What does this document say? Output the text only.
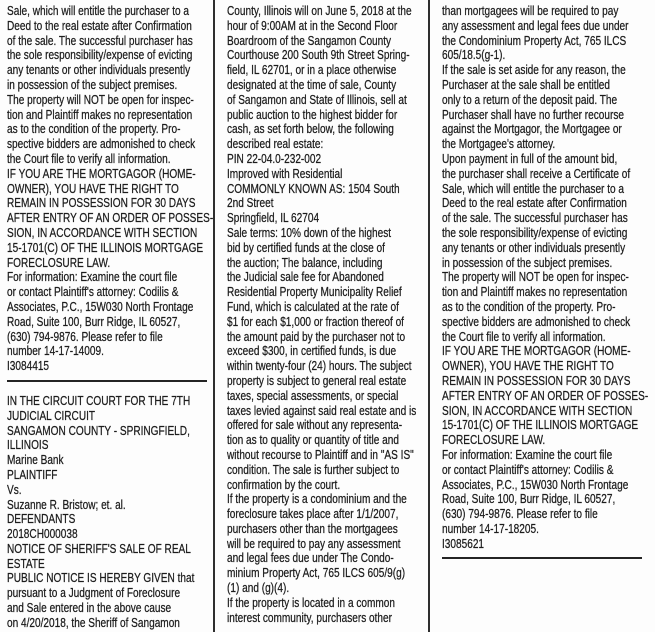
Sale, which will entitle the purchaser to a
Deed to the real estate after Confirmation
of the sale. The successful purchaser has
the sole responsibility/expense of evicting
any tenants or other individuals presently
in possession of the subject premises.
The property will NOT be open for inspec-
tion and Plaintiff makes no representation
as to the condition of the property. Pro-
spective bidders are admonished to check
the Court file to verify all information.
IF YOU ARE THE MORTGAGOR (HOME-
OWNER), YOU HAVE THE RIGHT TO
REMAIN IN POSSESSION FOR 30 DAYS
AFTER ENTRY OF AN ORDER OF POSSES-
SION, IN ACCORDANCE WITH SECTION
15-1701(C) OF THE ILLINOIS MORTGAGE
FORECLOSURE LAW.
For information: Examine the court file
or contact Plaintiff's attorney: Codilis &
Associates, P.C., 15W030 North Frontage
Road, Suite 100, Burr Ridge, IL 60527,
(630) 794-9876. Please refer to file
number 14-17-14009.
I3084415
IN THE CIRCUIT COURT FOR THE 7TH
JUDICIAL CIRCUIT
SANGAMON COUNTY - SPRINGFIELD,
ILLINOIS
Marine Bank
PLAINTIFF
Vs.
Suzanne R. Bristow; et. al.
DEFENDANTS
2018CH000038
NOTICE OF SHERIFF'S SALE OF REAL
ESTATE
PUBLIC NOTICE IS HEREBY GIVEN that
pursuant to a Judgment of Foreclosure
and Sale entered in the above cause
on 4/20/2018, the Sheriff of Sangamon
County, Illinois will on June 5, 2018 at the
hour of 9:00AM at in the Second Floor
Boardroom of the Sangamon County
Courthouse 200 South 9th Street Spring-
field, IL 62701, or in a place otherwise
designated at the time of sale, County
of Sangamon and State of Illinois, sell at
public auction to the highest bidder for
cash, as set forth below, the following
described real estate:
PIN 22-04.0-232-002
Improved with Residential
COMMONLY KNOWN AS: 1504 South
2nd Street
Springfield, IL 62704
Sale terms: 10% down of the highest
bid by certified funds at the close of
the auction; The balance, including
the Judicial sale fee for Abandoned
Residential Property Municipality Relief
Fund, which is calculated at the rate of
$1 for each $1,000 or fraction thereof of
the amount paid by the purchaser not to
exceed $300, in certified funds, is due
within twenty-four (24) hours. The subject
property is subject to general real estate
taxes, special assessments, or special
taxes levied against said real estate and is
offered for sale without any representa-
tion as to quality or quantity of title and
without recourse to Plaintiff and in "AS IS"
condition. The sale is further subject to
confirmation by the court.
If the property is a condominium and the
foreclosure takes place after 1/1/2007,
purchasers other than the mortgagees
will be required to pay any assessment
and legal fees due under The Condo-
minium Property Act, 765 ILCS 605/9(g)
(1) and (g)(4).
If the property is located in a common
interest community, purchasers other
than mortgagees will be required to pay
any assessment and legal fees due under
the Condominium Property Act, 765 ILCS
605/18.5(g-1).
If the sale is set aside for any reason, the
Purchaser at the sale shall be entitled
only to a return of the deposit paid. The
Purchaser shall have no further recourse
against the Mortgagor, the Mortgagee or
the Mortgagee's attorney.
Upon payment in full of the amount bid,
the purchaser shall receive a Certificate of
Sale, which will entitle the purchaser to a
Deed to the real estate after Confirmation
of the sale. The successful purchaser has
the sole responsibility/expense of evicting
any tenants or other individuals presently
in possession of the subject premises.
The property will NOT be open for inspec-
tion and Plaintiff makes no representation
as to the condition of the property. Pro-
spective bidders are admonished to check
the Court file to verify all information.
IF YOU ARE THE MORTGAGOR (HOME-
OWNER), YOU HAVE THE RIGHT TO
REMAIN IN POSSESSION FOR 30 DAYS
AFTER ENTRY OF AN ORDER OF POSSES-
SION, IN ACCORDANCE WITH SECTION
15-1701(C) OF THE ILLINOIS MORTGAGE
FORECLOSURE LAW.
For information: Examine the court file
or contact Plaintiff's attorney: Codilis &
Associates, P.C., 15W030 North Frontage
Road, Suite 100, Burr Ridge, IL 60527,
(630) 794-9876. Please refer to file
number 14-17-18205.
I3085621
